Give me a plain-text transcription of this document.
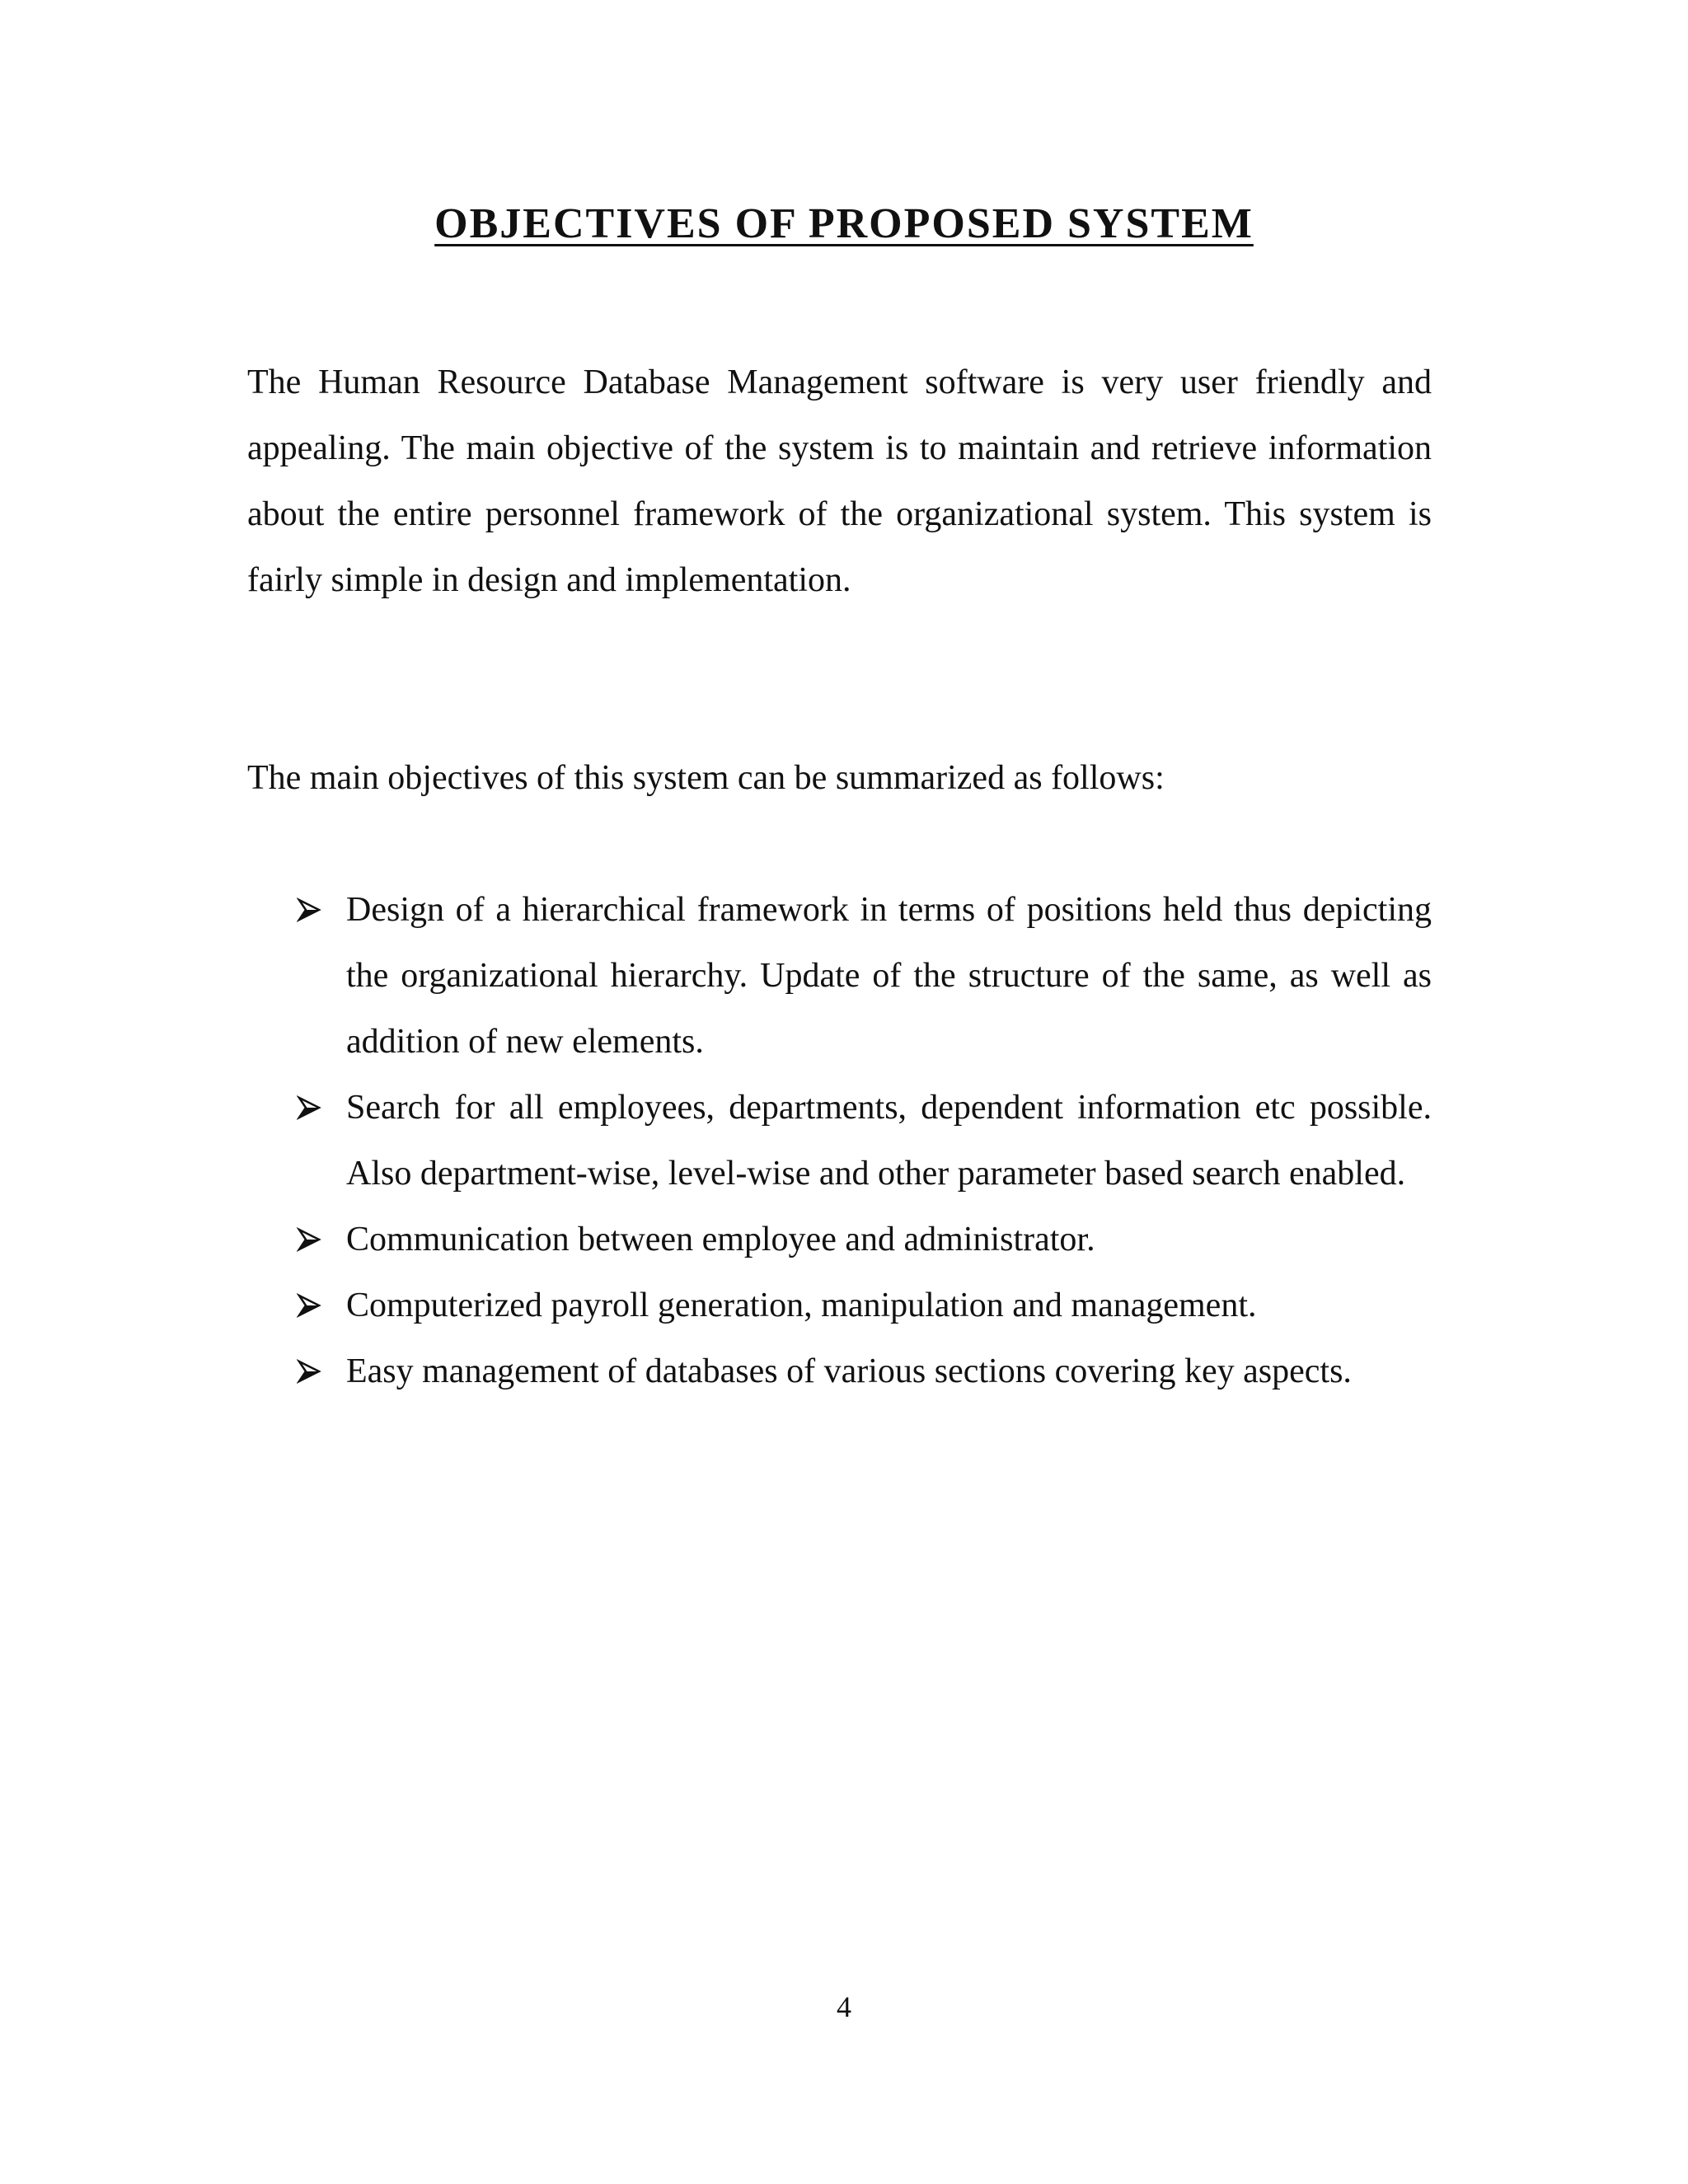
OBJECTIVES OF PROPOSED SYSTEM

The Human Resource Database Management software is very user friendly and appealing. The main objective of the system is to maintain and retrieve information about the entire personnel framework of the organizational system. This system is fairly simple in design and implementation.

The main objectives of this system can be summarized as follows:

Design of a hierarchical framework in terms of positions held thus depicting the organizational hierarchy. Update of the structure of the same, as well as addition of new elements.
Search for all employees, departments, dependent information etc possible. Also department-wise, level-wise and other parameter based search enabled.
Communication between employee and administrator.
Computerized payroll generation, manipulation and management.
Easy management of databases of various sections covering key aspects.

4
